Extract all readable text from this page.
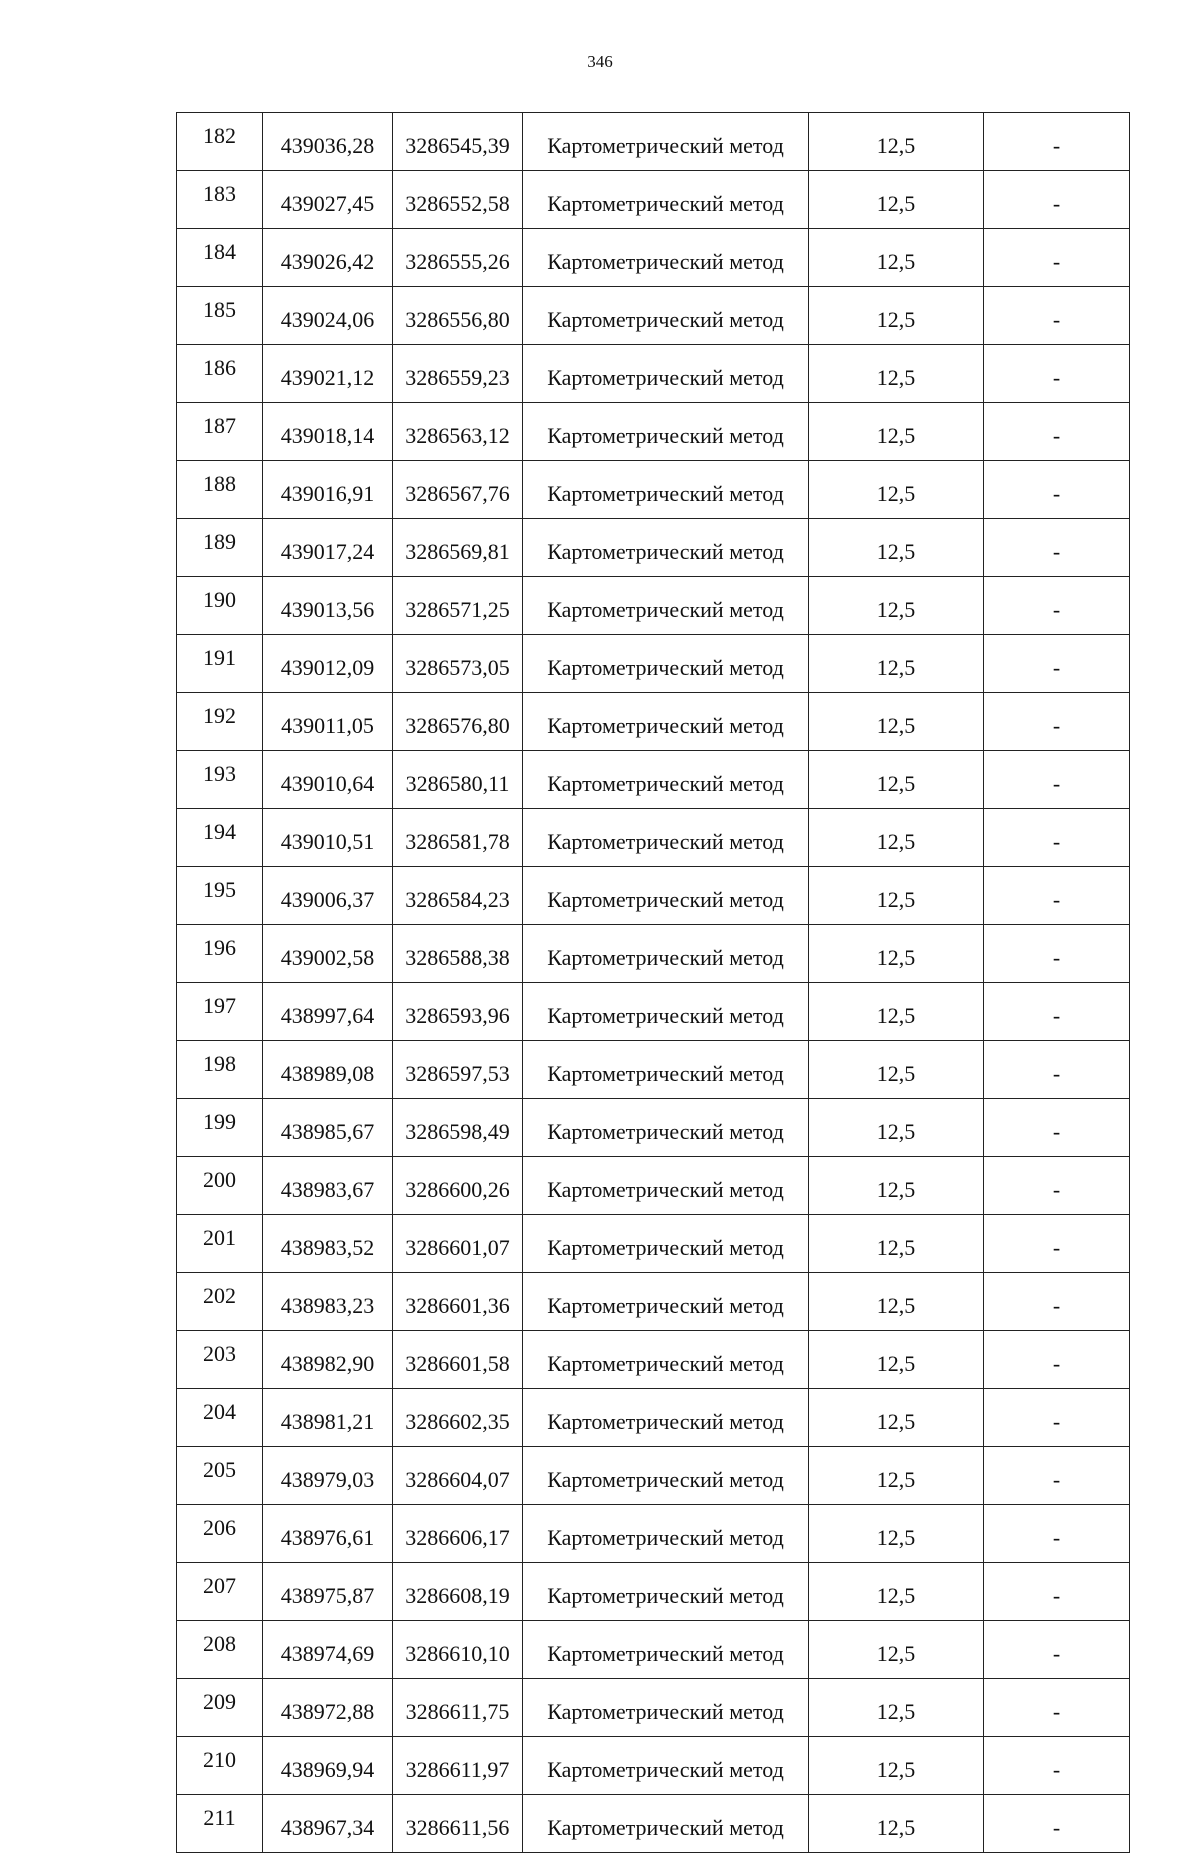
346
182	439036,28	3286545,39	Картометрический метод	12,5	-
183	439027,45	3286552,58	Картометрический метод	12,5	-
184	439026,42	3286555,26	Картометрический метод	12,5	-
185	439024,06	3286556,80	Картометрический метод	12,5	-
186	439021,12	3286559,23	Картометрический метод	12,5	-
187	439018,14	3286563,12	Картометрический метод	12,5	-
188	439016,91	3286567,76	Картометрический метод	12,5	-
189	439017,24	3286569,81	Картометрический метод	12,5	-
190	439013,56	3286571,25	Картометрический метод	12,5	-
191	439012,09	3286573,05	Картометрический метод	12,5	-
192	439011,05	3286576,80	Картометрический метод	12,5	-
193	439010,64	3286580,11	Картометрический метод	12,5	-
194	439010,51	3286581,78	Картометрический метод	12,5	-
195	439006,37	3286584,23	Картометрический метод	12,5	-
196	439002,58	3286588,38	Картометрический метод	12,5	-
197	438997,64	3286593,96	Картометрический метод	12,5	-
198	438989,08	3286597,53	Картометрический метод	12,5	-
199	438985,67	3286598,49	Картометрический метод	12,5	-
200	438983,67	3286600,26	Картометрический метод	12,5	-
201	438983,52	3286601,07	Картометрический метод	12,5	-
202	438983,23	3286601,36	Картометрический метод	12,5	-
203	438982,90	3286601,58	Картометрический метод	12,5	-
204	438981,21	3286602,35	Картометрический метод	12,5	-
205	438979,03	3286604,07	Картометрический метод	12,5	-
206	438976,61	3286606,17	Картометрический метод	12,5	-
207	438975,87	3286608,19	Картометрический метод	12,5	-
208	438974,69	3286610,10	Картометрический метод	12,5	-
209	438972,88	3286611,75	Картометрический метод	12,5	-
210	438969,94	3286611,97	Картометрический метод	12,5	-
211	438967,34	3286611,56	Картометрический метод	12,5	-
